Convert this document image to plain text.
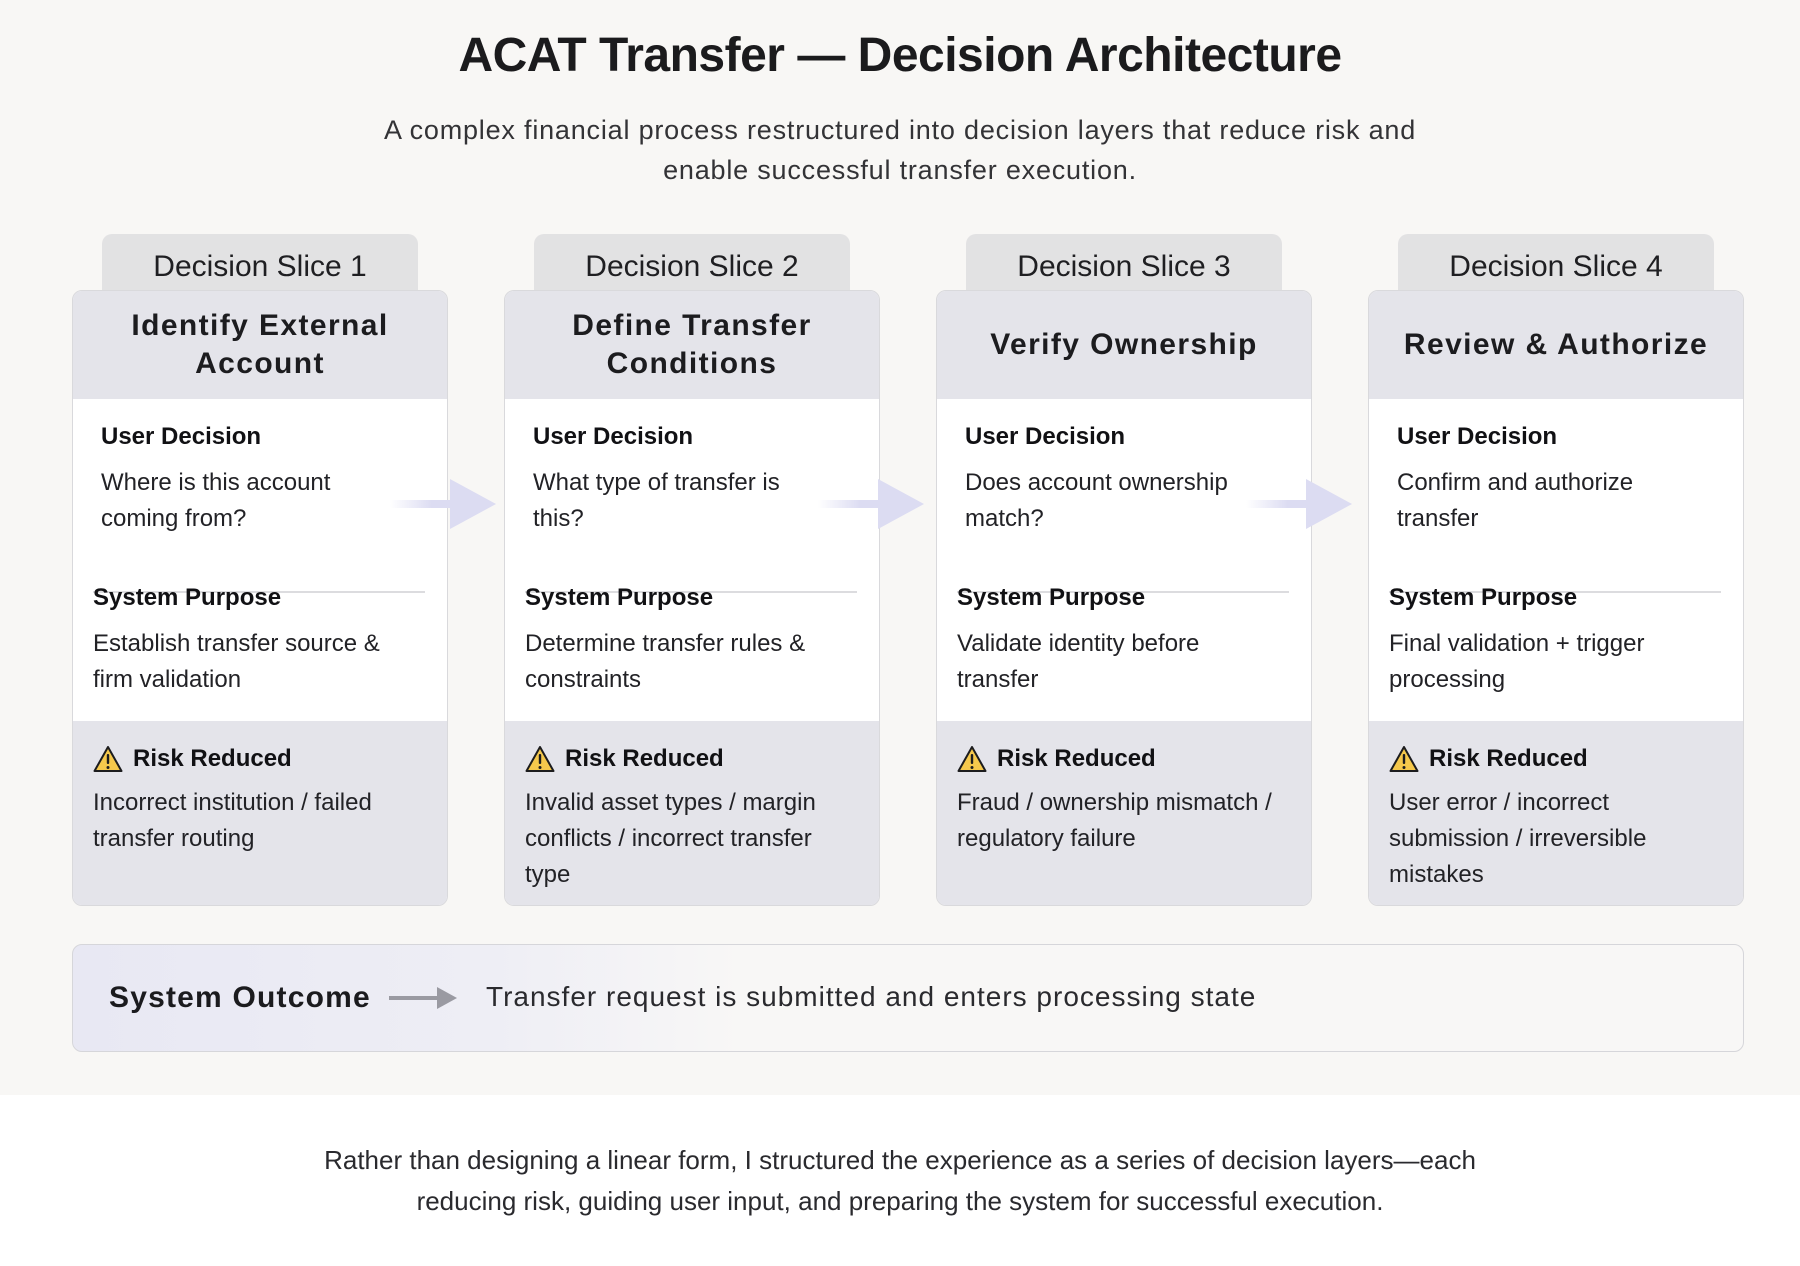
ACAT Transfer — Decision Architecture
A complex financial process restructured into decision layers that reduce risk and enable successful transfer execution.
Decision Slice 1
Identify External Account
User Decision
Where is this account coming from?
System Purpose
Establish transfer source & firm validation
Risk Reduced
Incorrect institution / failed transfer routing
Decision Slice 2
Define Transfer Conditions
User Decision
What type of transfer is this?
System Purpose
Determine transfer rules & constraints
Risk Reduced
Invalid asset types / margin conflicts / incorrect transfer type
Decision Slice 3
Verify Ownership
User Decision
Does account ownership match?
System Purpose
Validate identity before transfer
Risk Reduced
Fraud / ownership mismatch / regulatory failure
Decision Slice 4
Review & Authorize
User Decision
Confirm and authorize transfer
System Purpose
Final validation + trigger processing
Risk Reduced
User error / incorrect submission / irreversible mistakes
System Outcome	Transfer request is submitted and enters processing state
Rather than designing a linear form, I structured the experience as a series of decision layers—each reducing risk, guiding user input, and preparing the system for successful execution.
